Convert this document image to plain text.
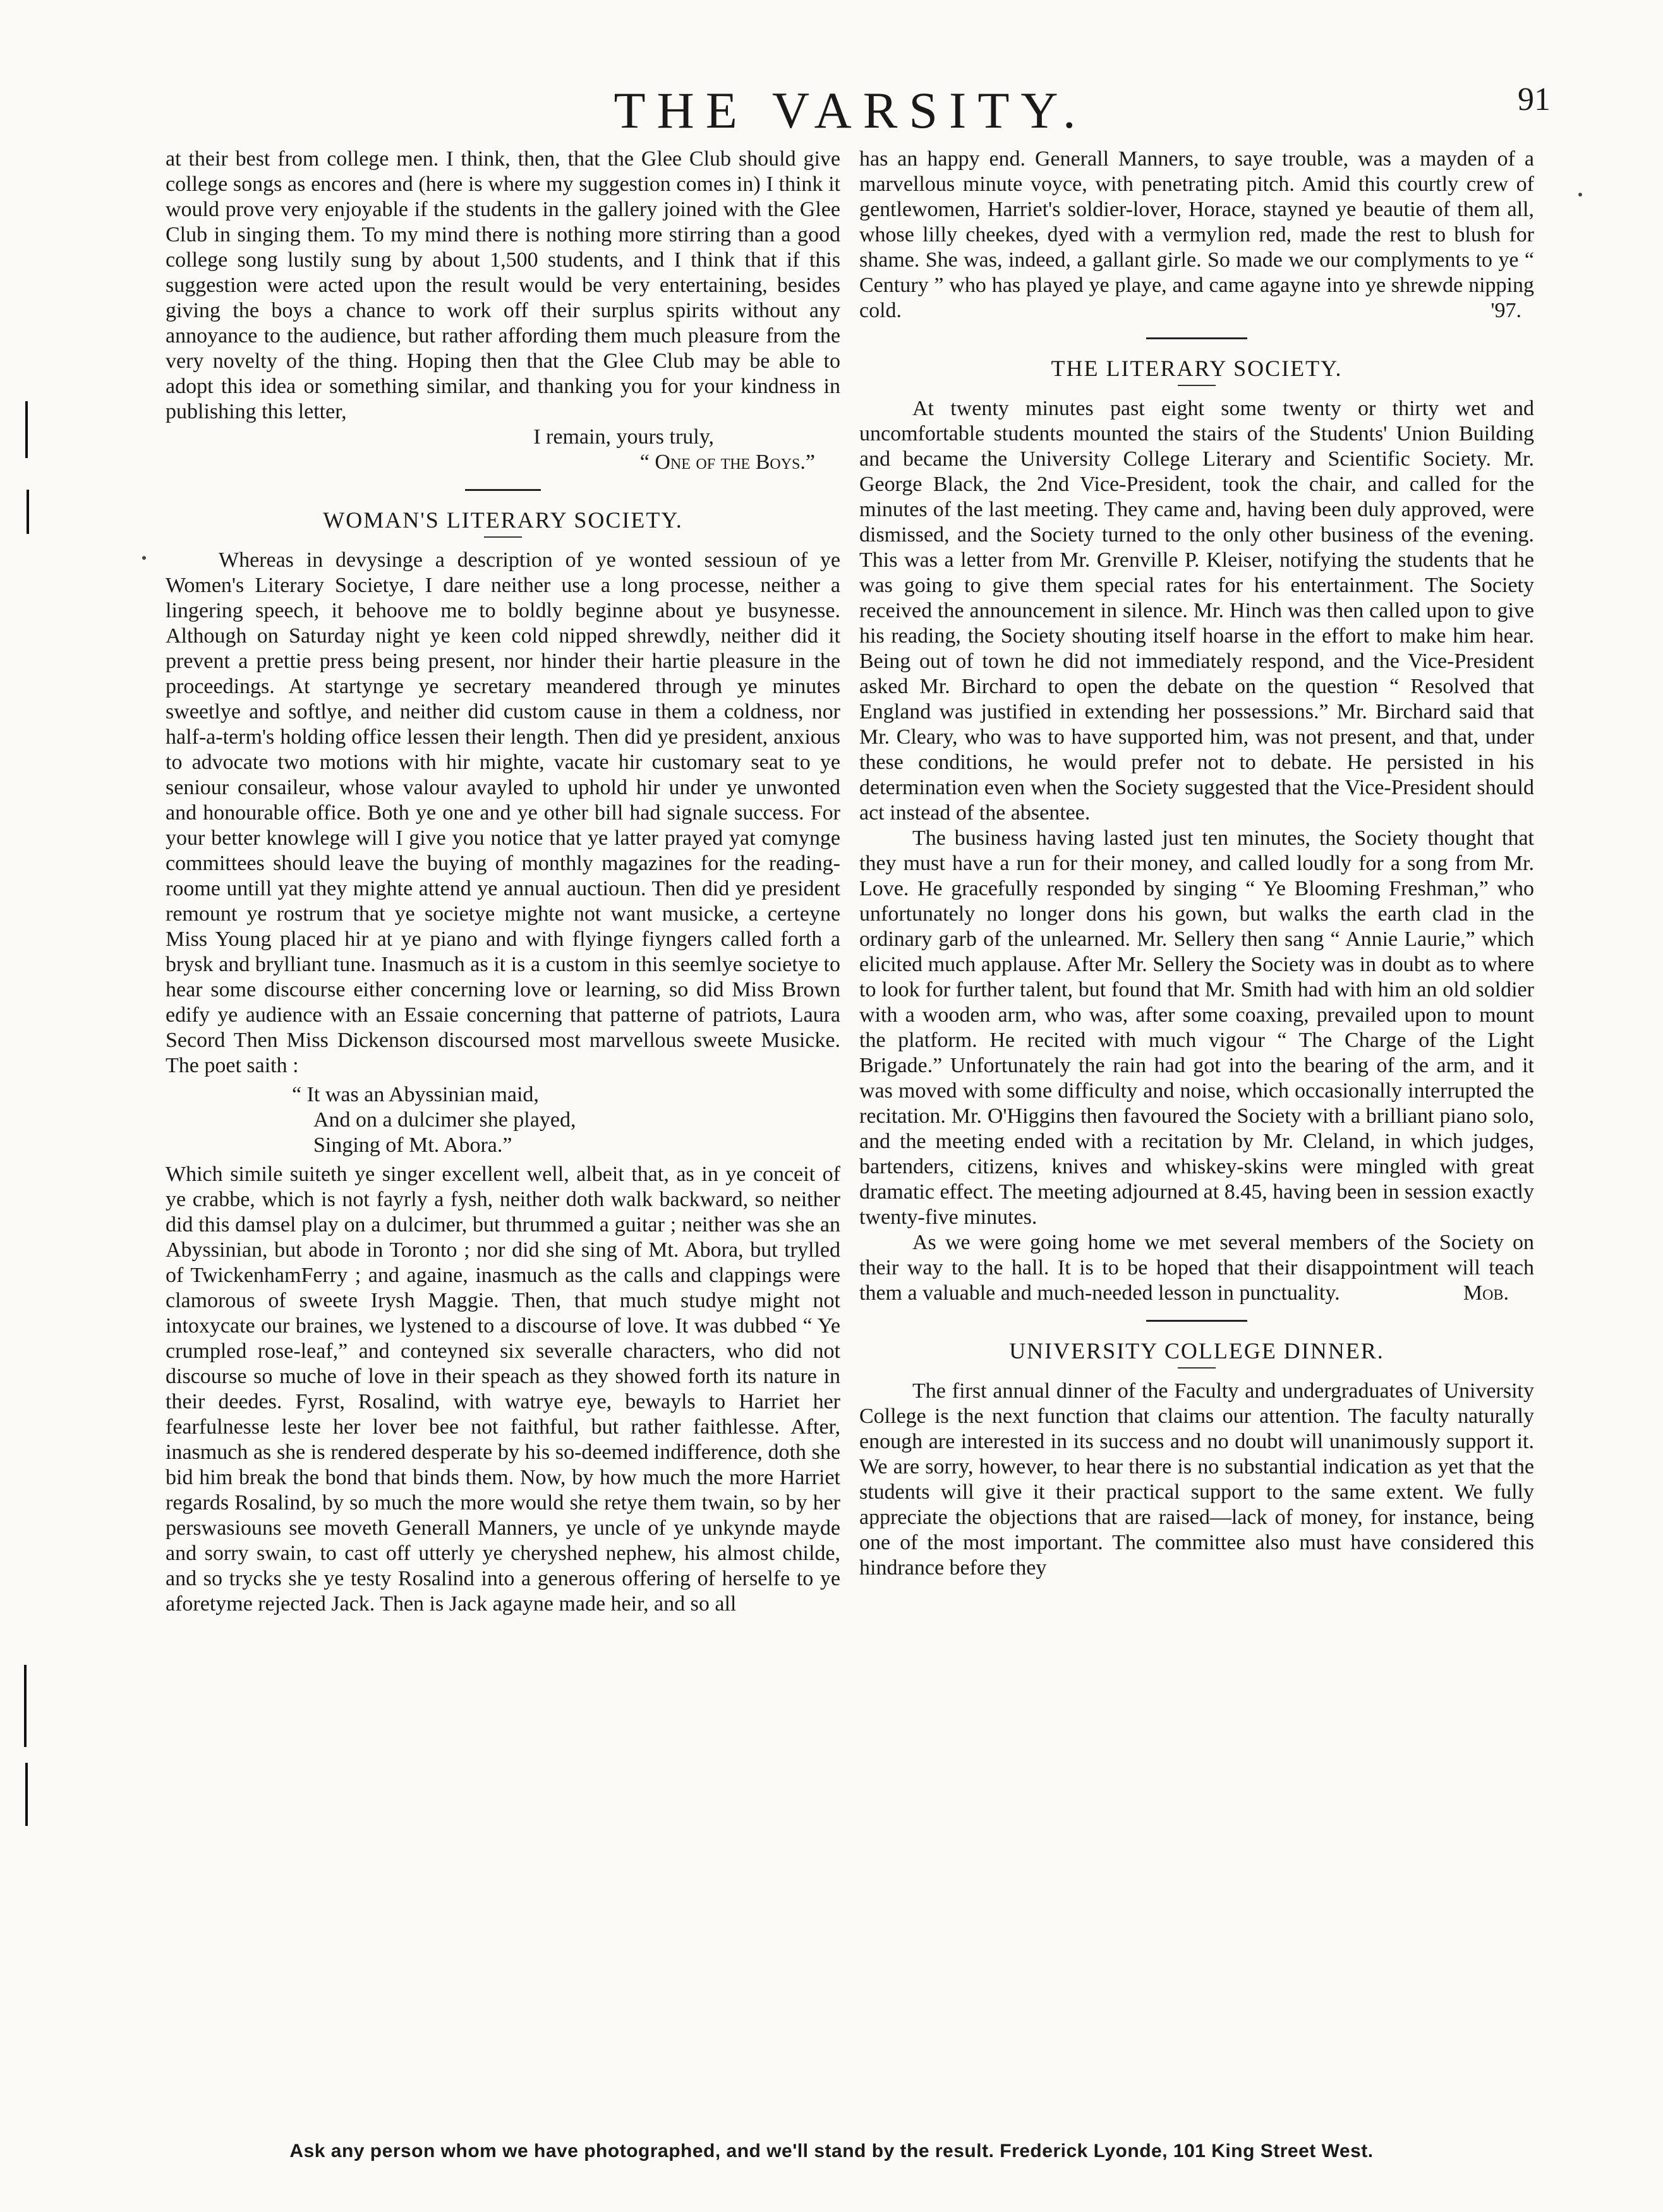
THE VARSITY.	91

at their best from college men. I think, then, that the Glee Club should give college songs as encores and (here is where my suggestion comes in) I think it would prove very enjoyable if the students in the gallery joined with the Glee Club in singing them. To my mind there is nothing more stirring than a good college song lustily sung by about 1,500 students, and I think that if this suggestion were acted upon the result would be very entertaining, besides giving the boys a chance to work off their surplus spirits without any annoyance to the audience, but rather affording them much pleasure from the very novelty of the thing. Hoping then that the Glee Club may be able to adopt this idea or something similar, and thanking you for your kindness in publishing this letter,

I remain, yours truly,

“ One of the Boys.”

WOMAN'S LITERARY SOCIETY.

Whereas in devysinge a description of ye wonted sessioun of ye Women's Literary Societye, I dare neither use a long processe, neither a lingering speech, it behoove me to boldly beginne about ye busynesse. Although on Saturday night ye keen cold nipped shrewdly, neither did it prevent a prettie press being present, nor hinder their hartie pleasure in the proceedings. At startynge ye secretary meandered through ye minutes sweetlye and softlye, and neither did custom cause in them a coldness, nor half-a-term's holding office lessen their length. Then did ye president, anxious to advocate two motions with hir mighte, vacate hir customary seat to ye seniour consaileur, whose valour avayled to uphold hir under ye unwonted and honourable office. Both ye one and ye other bill had signale success. For your better knowlege will I give you notice that ye latter prayed yat comynge committees should leave the buying of monthly magazines for the reading-roome untill yat they mighte attend ye annual auctioun. Then did ye president remount ye rostrum that ye societye mighte not want musicke, a certeyne Miss Young placed hir at ye piano and with flyinge fiyngers called forth a brysk and brylliant tune. Inasmuch as it is a custom in this seemlye societye to hear some discourse either concerning love or learning, so did Miss Brown edify ye audience with an Essaie concerning that patterne of patriots, Laura Secord Then Miss Dickenson discoursed most marvellous sweete Musicke. The poet saith :

“ It was an Abyssinian maid,
And on a dulcimer she played,
Singing of Mt. Abora.”

Which simile suiteth ye singer excellent well, albeit that, as in ye conceit of ye crabbe, which is not fayrly a fysh, neither doth walk backward, so neither did this damsel play on a dulcimer, but thrummed a guitar ; neither was she an Abyssinian, but abode in Toronto ; nor did she sing of Mt. Abora, but trylled of TwickenhamFerry ; and againe, inasmuch as the calls and clappings were clamorous of sweete Irysh Maggie. Then, that much studye might not intoxycate our braines, we lystened to a discourse of love. It was dubbed “ Ye crumpled rose-leaf,” and conteyned six severalle characters, who did not discourse so muche of love in their speach as they showed forth its nature in their deedes. Fyrst, Rosalind, with watrye eye, bewayls to Harriet her fearfulnesse leste her lover bee not faithful, but rather faithlesse. After, inasmuch as she is rendered desperate by his so-deemed indifference, doth she bid him break the bond that binds them. Now, by how much the more Harriet regards Rosalind, by so much the more would she retye them twain, so by her perswasiouns see moveth Generall Manners, ye uncle of ye unkynde mayde and sorry swain, to cast off utterly ye cheryshed nephew, his almost childe, and so trycks she ye testy Rosalind into a generous offering of herselfe to ye aforetyme rejected Jack. Then is Jack agayne made heir, and so all

has an happy end. Generall Manners, to saye trouble, was a mayden of a marvellous minute voyce, with penetrating pitch. Amid this courtly crew of gentlewomen, Harriet's soldier-lover, Horace, stayned ye beautie of them all, whose lilly cheekes, dyed with a vermylion red, made the rest to blush for shame. She was, indeed, a gallant girle. So made we our complyments to ye “ Century ” who has played ye playe, and came agayne into ye shrewde nipping cold.	'97.

THE LITERARY SOCIETY.

At twenty minutes past eight some twenty or thirty wet and uncomfortable students mounted the stairs of the Students' Union Building and became the University College Literary and Scientific Society. Mr. George Black, the 2nd Vice-President, took the chair, and called for the minutes of the last meeting. They came and, having been duly approved, were dismissed, and the Society turned to the only other business of the evening. This was a letter from Mr. Grenville P. Kleiser, notifying the students that he was going to give them special rates for his entertainment. The Society received the announcement in silence. Mr. Hinch was then called upon to give his reading, the Society shouting itself hoarse in the effort to make him hear. Being out of town he did not immediately respond, and the Vice-President asked Mr. Birchard to open the debate on the question “ Resolved that England was justified in extending her possessions.” Mr. Birchard said that Mr. Cleary, who was to have supported him, was not present, and that, under these conditions, he would prefer not to debate. He persisted in his determination even when the Society suggested that the Vice-President should act instead of the absentee.

The business having lasted just ten minutes, the Society thought that they must have a run for their money, and called loudly for a song from Mr. Love. He gracefully responded by singing “ Ye Blooming Freshman,” who unfortunately no longer dons his gown, but walks the earth clad in the ordinary garb of the unlearned. Mr. Sellery then sang “ Annie Laurie,” which elicited much applause. After Mr. Sellery the Society was in doubt as to where to look for further talent, but found that Mr. Smith had with him an old soldier with a wooden arm, who was, after some coaxing, prevailed upon to mount the platform. He recited with much vigour “ The Charge of the Light Brigade.” Unfortunately the rain had got into the bearing of the arm, and it was moved with some difficulty and noise, which occasionally interrupted the recitation. Mr. O'Higgins then favoured the Society with a brilliant piano solo, and the meeting ended with a recitation by Mr. Cleland, in which judges, bartenders, citizens, knives and whiskey-skins were mingled with great dramatic effect. The meeting adjourned at 8.45, having been in session exactly twenty-five minutes.

As we were going home we met several members of the Society on their way to the hall. It is to be hoped that their disappointment will teach them a valuable and much-needed lesson in punctuality.	Mob.

UNIVERSITY COLLEGE DINNER.

The first annual dinner of the Faculty and undergraduates of University College is the next function that claims our attention. The faculty naturally enough are interested in its success and no doubt will unanimously support it. We are sorry, however, to hear there is no substantial indication as yet that the students will give it their practical support to the same extent. We fully appreciate the objections that are raised—lack of money, for instance, being one of the most important. The committee also must have considered this hindrance before they

Ask any person whom we have photographed, and we'll stand by the result. Frederick Lyonde, 101 King Street West.
